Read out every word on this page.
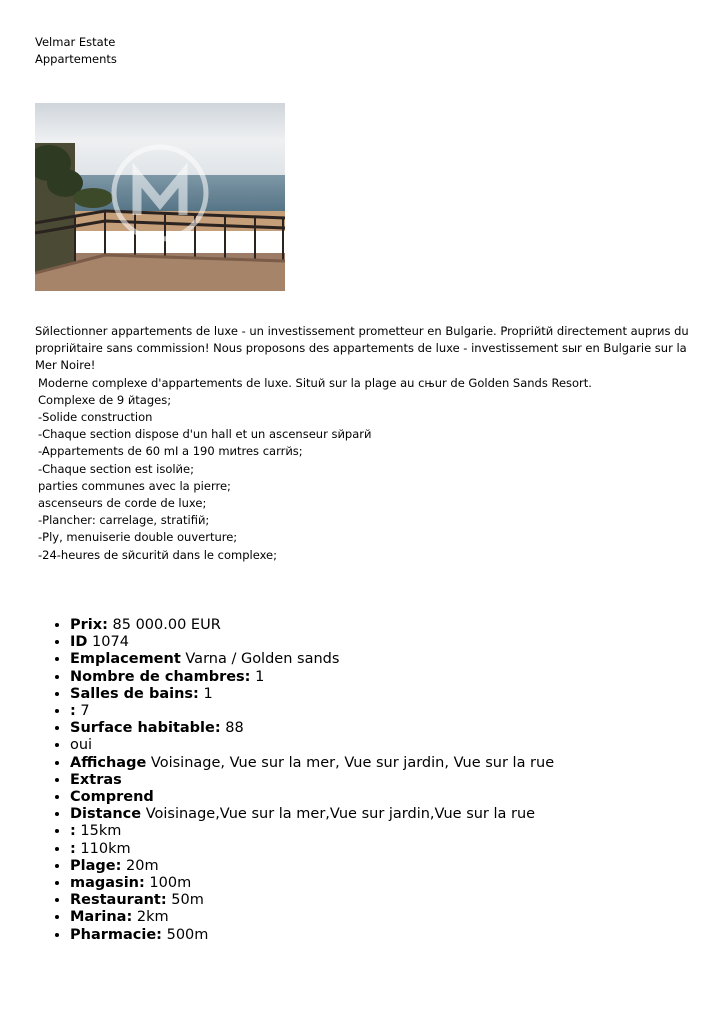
Velmar Estate
Appartements

Sйlectionner appartements de luxe - un investissement prometteur en Bulgarie. Propriйtй directement auprиs du propriйtaire sans commission! Nous proposons des appartements de luxe - investissement sыr en Bulgarie sur la Mer Noire!

Moderne complexe d'appartements de luxe. Situй sur la plage au cњur de Golden Sands Resort.

Complexe de 9 йtages;

-Solide construction

-Chaque section dispose d'un hall et un ascenseur sйparй

-Appartements de 60 mІ a 190 mиtres carrйs;

-Chaque section est isolйe;

parties communes avec la pierre;

ascenseurs de corde de luxe;

-Plancher: carrelage, stratifiй;

-Ply, menuiserie double ouverture;

-24-heures de sйcuritй dans le complexe;

• Prix: 85 000.00 EUR
• ID 1074
• Emplacement Varna / Golden sands
• Nombre de chambres: 1
• Salles de bains: 1
• : 7
• Surface habitable: 88
• oui
• Affichage Voisinage, Vue sur la mer, Vue sur jardin, Vue sur la rue
• Extras
• Comprend
• Distance Voisinage,Vue sur la mer,Vue sur jardin,Vue sur la rue
• : 15km
• : 110km
• Plage: 20m
• magasin: 100m
• Restaurant: 50m
• Marina: 2km
• Pharmacie: 500m
